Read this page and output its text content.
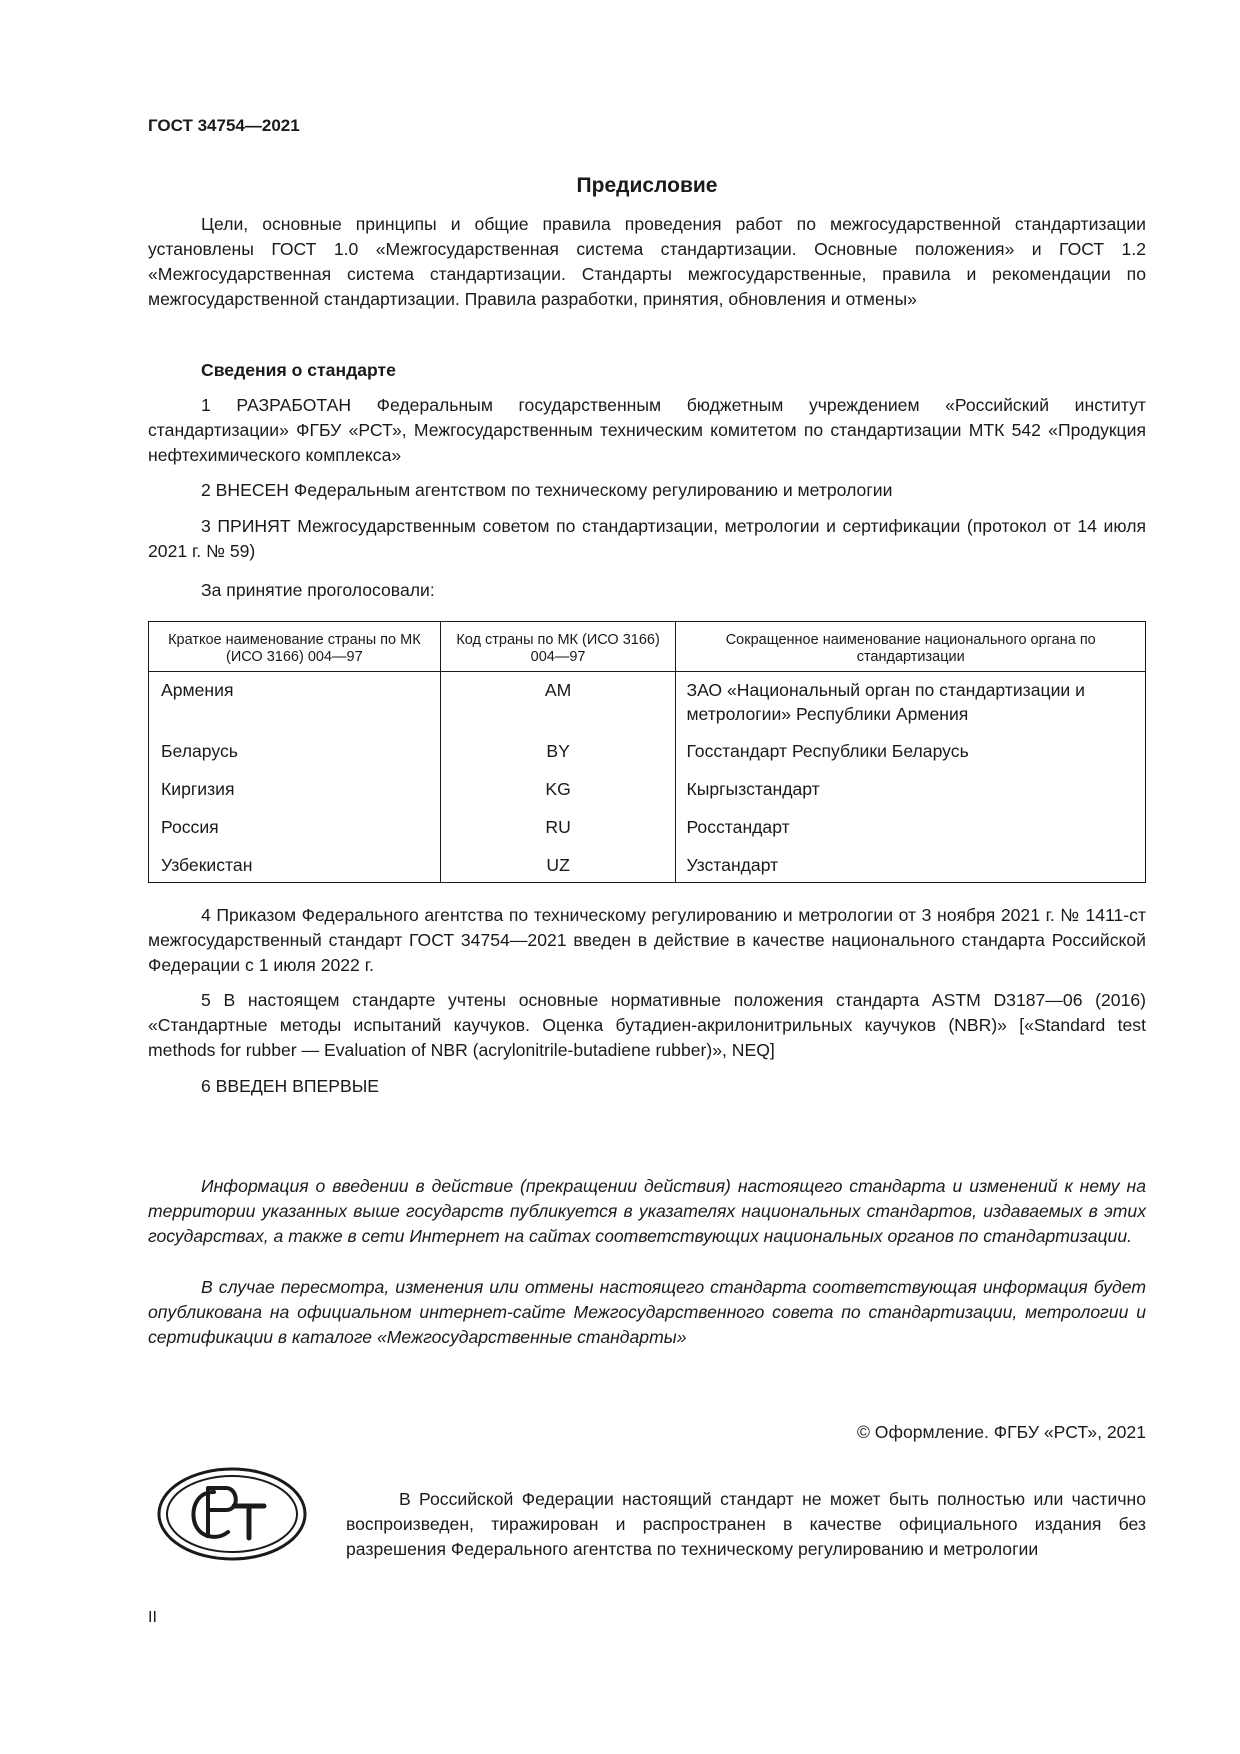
ГОСТ 34754—2021
Предисловие

Цели, основные принципы и общие правила проведения работ по межгосударственной стандартизации установлены ГОСТ 1.0 «Межгосударственная система стандартизации. Основные положения» и ГОСТ 1.2 «Межгосударственная система стандартизации. Стандарты межгосударственные, правила и рекомендации по межгосударственной стандартизации. Правила разработки, принятия, обновления и отмены»

Сведения о стандарте

1 РАЗРАБОТАН Федеральным государственным бюджетным учреждением «Российский институт стандартизации» ФГБУ «РСТ», Межгосударственным техническим комитетом по стандартизации МТК 542 «Продукция нефтехимического комплекса»

2 ВНЕСЕН Федеральным агентством по техническому регулированию и метрологии

3 ПРИНЯТ Межгосударственным советом по стандартизации, метрологии и сертификации (протокол от 14 июля 2021 г. № 59)

За принятие проголосовали:

Краткое наименование страны по МК (ИСО 3166) 004—97	Код страны по МК (ИСО 3166) 004—97	Сокращенное наименование национального органа по стандартизации
Армения	AM	ЗАО «Национальный орган по стандартизации и метрологии» Республики Армения
Беларусь	BY	Госстандарт Республики Беларусь
Киргизия	KG	Кыргызстандарт
Россия	RU	Росстандарт
Узбекистан	UZ	Узстандарт

4 Приказом Федерального агентства по техническому регулированию и метрологии от 3 ноября 2021 г. № 1411-ст межгосударственный стандарт ГОСТ 34754—2021 введен в действие в качестве национального стандарта Российской Федерации с 1 июля 2022 г.

5 В настоящем стандарте учтены основные нормативные положения стандарта ASTM D3187—06 (2016) «Стандартные методы испытаний каучуков. Оценка бутадиен-акрилонитрильных каучуков (NBR)» [«Standard test methods for rubber — Evaluation of NBR (acrylonitrile-butadiene rubber)», NEQ]

6 ВВЕДЕН ВПЕРВЫЕ

Информация о введении в действие (прекращении действия) настоящего стандарта и изменений к нему на территории указанных выше государств публикуется в указателях национальных стандартов, издаваемых в этих государствах, а также в сети Интернет на сайтах соответствующих национальных органов по стандартизации.

В случае пересмотра, изменения или отмены настоящего стандарта соответствующая информация будет опубликована на официальном интернет-сайте Межгосударственного совета по стандартизации, метрологии и сертификации в каталоге «Межгосударственные стандарты»

© Оформление. ФГБУ «РСТ», 2021

В Российской Федерации настоящий стандарт не может быть полностью или частично воспроизведен, тиражирован и распространен в качестве официального издания без разрешения Федерального агентства по техническому регулированию и метрологии

II
